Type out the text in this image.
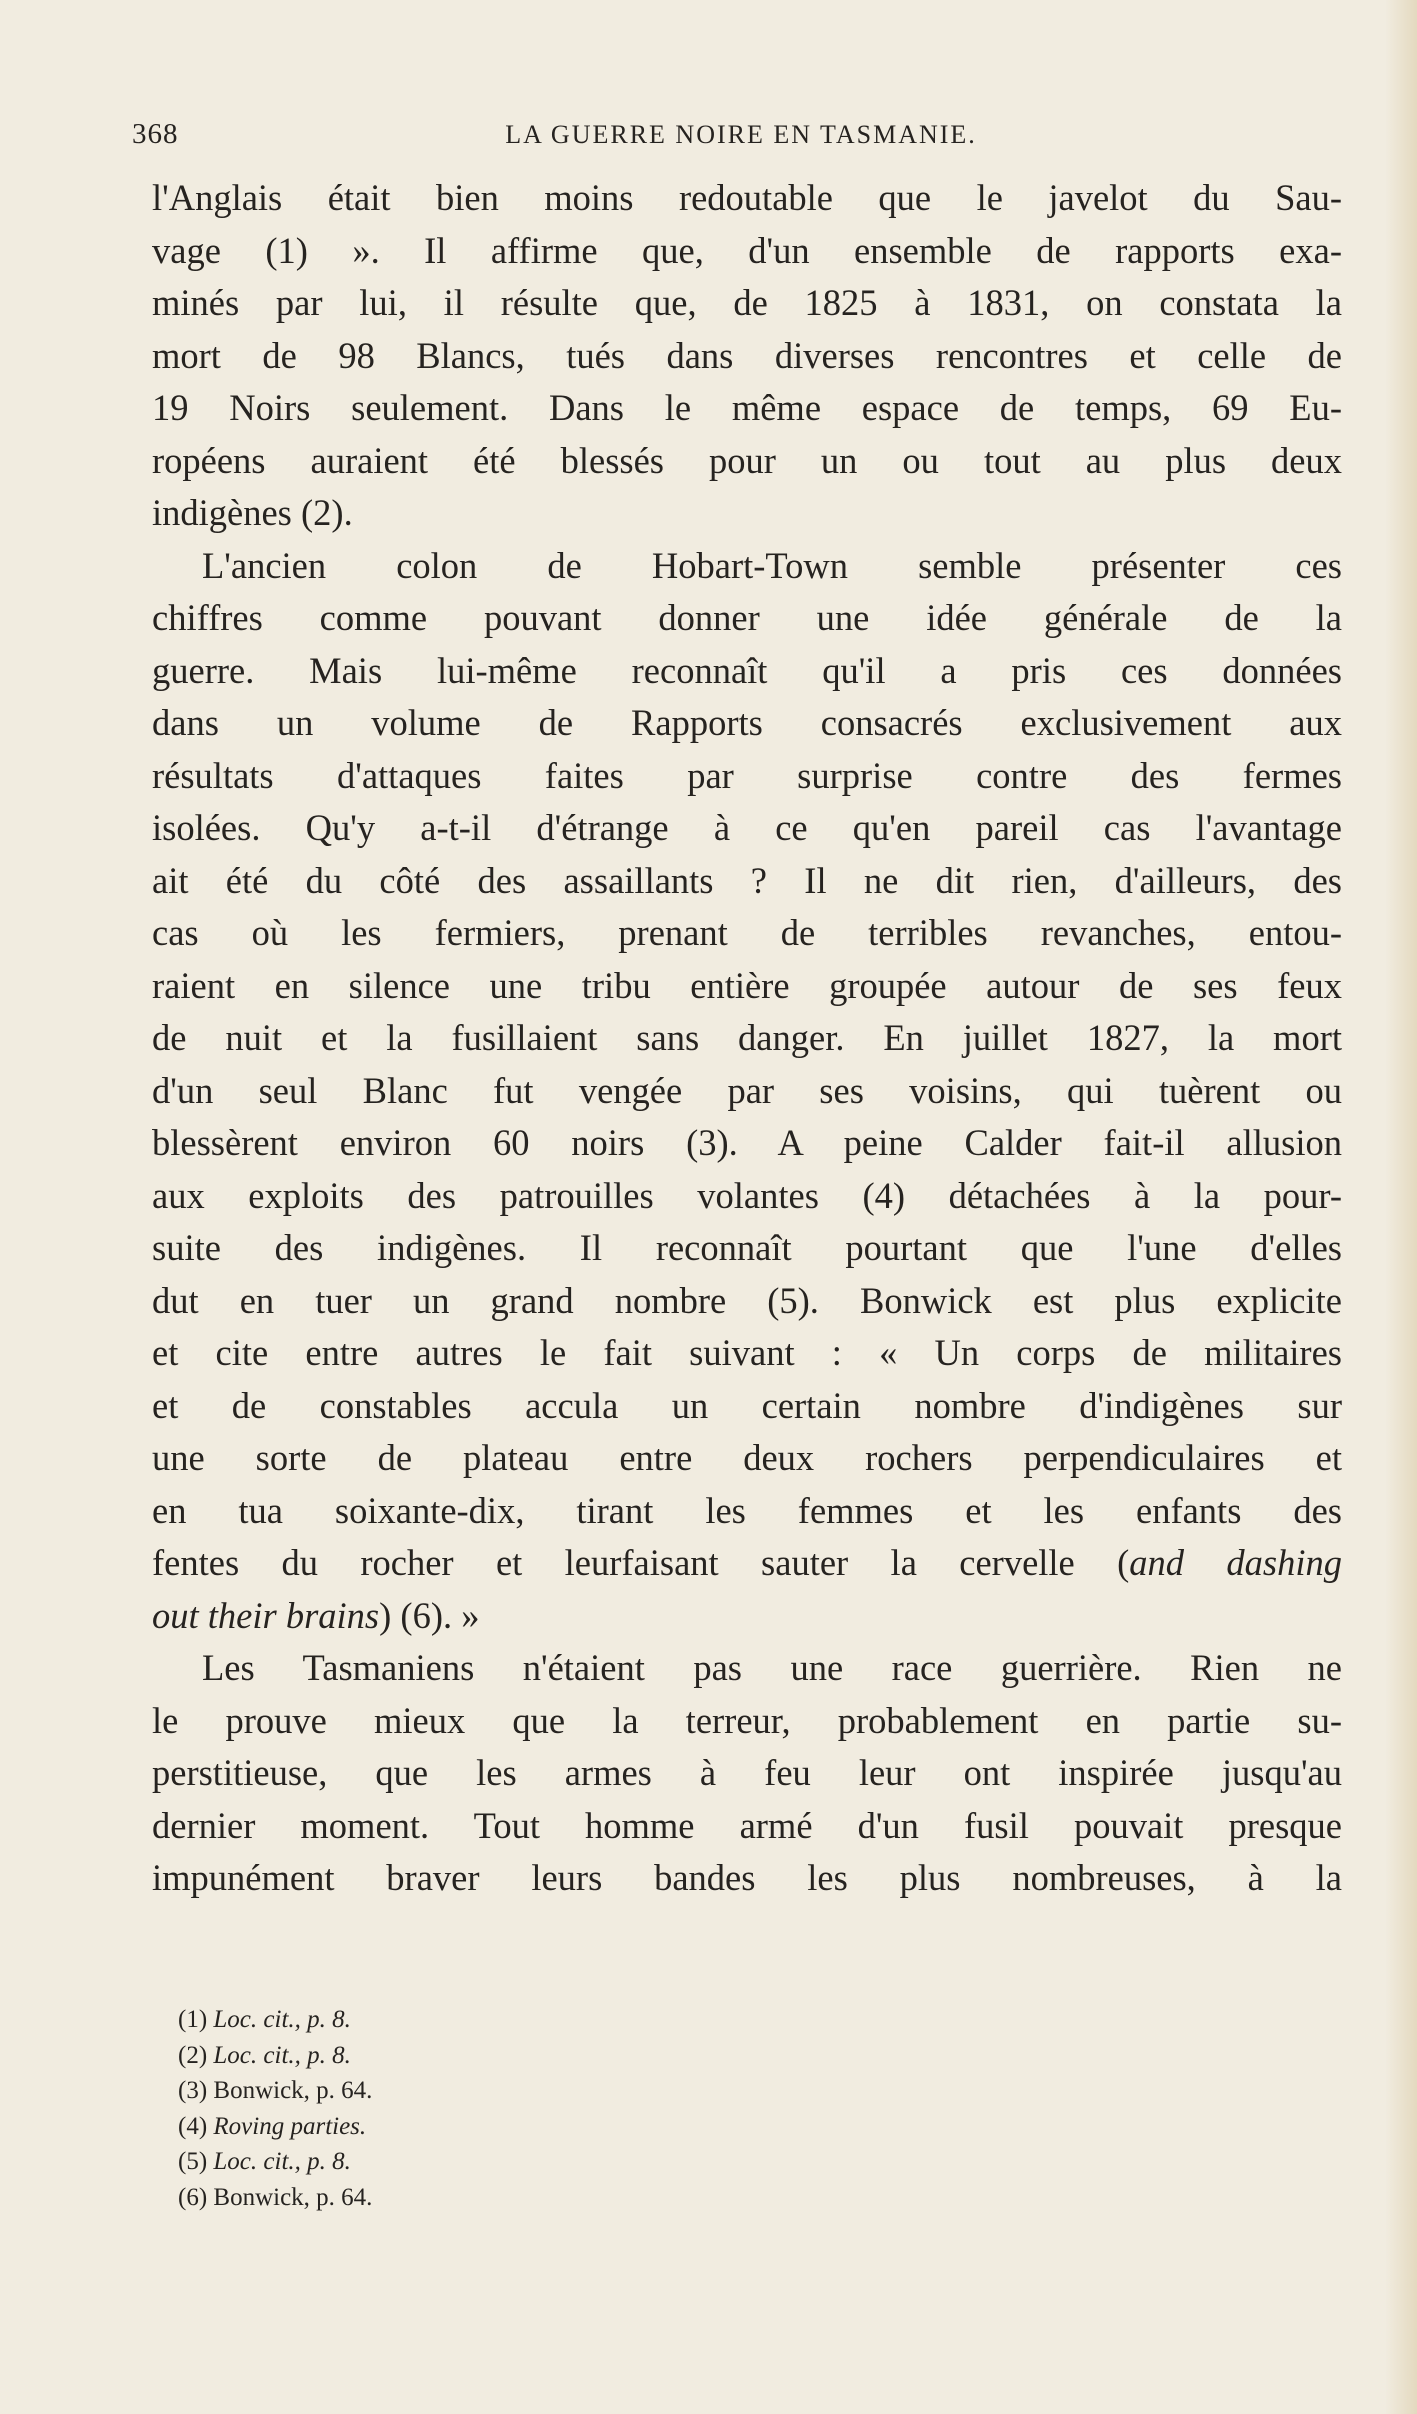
368	LA GUERRE NOIRE EN TASMANIE.
l'Anglais était bien moins redoutable que le javelot du Sau-
vage (1) ». Il affirme que, d'un ensemble de rapports exa-
minés par lui, il résulte que, de 1825 à 1831, on constata la
mort de 98 Blancs, tués dans diverses rencontres et celle de
19 Noirs seulement. Dans le même espace de temps, 69 Eu-
ropéens auraient été blessés pour un ou tout au plus deux
indigènes (2).
L'ancien colon de Hobart-Town semble présenter ces
chiffres comme pouvant donner une idée générale de la
guerre. Mais lui-même reconnaît qu'il a pris ces données
dans un volume de Rapports consacrés exclusivement aux
résultats d'attaques faites par surprise contre des fermes
isolées. Qu'y a-t-il d'étrange à ce qu'en pareil cas l'avantage
ait été du côté des assaillants ? Il ne dit rien, d'ailleurs, des
cas où les fermiers, prenant de terribles revanches, entou-
raient en silence une tribu entière groupée autour de ses feux
de nuit et la fusillaient sans danger. En juillet 1827, la mort
d'un seul Blanc fut vengée par ses voisins, qui tuèrent ou
blessèrent environ 60 noirs (3). A peine Calder fait-il allusion
aux exploits des patrouilles volantes (4) détachées à la pour-
suite des indigènes. Il reconnaît pourtant que l'une d'elles
dut en tuer un grand nombre (5). Bonwick est plus explicite
et cite entre autres le fait suivant : « Un corps de militaires
et de constables accula un certain nombre d'indigènes sur
une sorte de plateau entre deux rochers perpendiculaires et
en tua soixante-dix, tirant les femmes et les enfants des
fentes du rocher et leurfaisant sauter la cervelle (and dashing
out their brains) (6). »
Les Tasmaniens n'étaient pas une race guerrière. Rien ne
le prouve mieux que la terreur, probablement en partie su-
perstitieuse, que les armes à feu leur ont inspirée jusqu'au
dernier moment. Tout homme armé d'un fusil pouvait presque
impunément braver leurs bandes les plus nombreuses, à la
(1) Loc. cit., p. 8.
(2) Loc. cit., p. 8.
(3) Bonwick, p. 64.
(4) Roving parties.
(5) Loc. cit., p. 8.
(6) Bonwick, p. 64.
